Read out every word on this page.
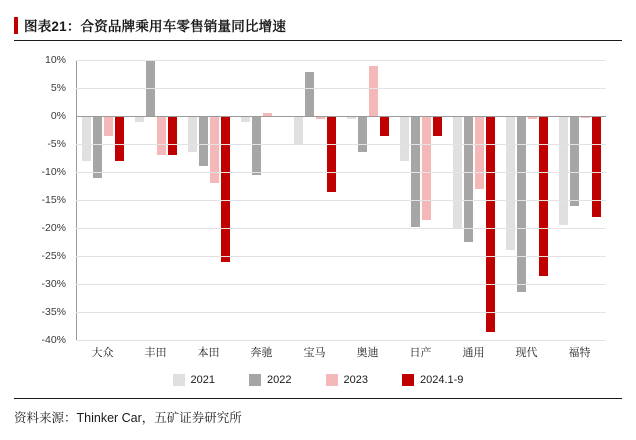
图表21：合资品牌乘用车零售销量同比增速
10%
5%
0%
-5%
-10%
-15%
-20%
-25%
-30%
-35%
-40%
大众	丰田	本田	奔驰	宝马	奥迪	日产	通用	现代	福特
2021	2022	2023	2024.1-9
资料来源：Thinker Car，五矿证券研究所
